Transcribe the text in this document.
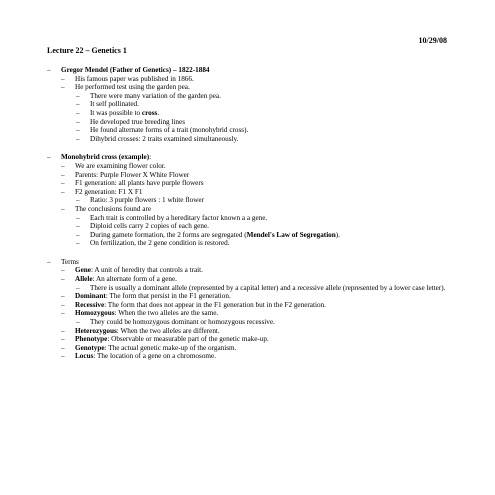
10/29/08
Lecture 22 – Genetics 1
– Gregor Mendel (Father of Genetics) – 1822-1884
– His famous paper was published in 1866.
– He performed test using the garden pea.
– There were many variation of the garden pea.
– It self pollinated.
– It was possible to cross.
– He developed true breeding lines
– He found alternate forms of a trait (monohybrid cross).
– Dihybrid crosses: 2 traits examined simultaneously.
– Monohybrid cross (example):
– We are examining flower color.
– Parents: Purple Flower X White Flower
– F1 generation: all plants have purple flowers
– F2 generation: F1 X F1
– Ratio: 3 purple flowers : 1 white flower
– The conclusions found are
– Each trait is controlled by a hereditary factor known a a gene.
– Diploid cells carry 2 copies of each gene.
– During gamete formation, the 2 forms are segregated (Mendel's Law of Segregation).
– On fertilization, the 2 gene condition is restored.
– Terms
– Gene: A unit of heredity that controls a trait.
– Allele: An alternate form of a gene.
– There is usually a dominant allele (represented by a capital letter) and a recessive allele (represented by a lower case letter).
– Dominant: The form that persist in the F1 generation.
– Recessive: The form that does not appear in the F1 generation but in the F2 generation.
– Homozygous: When the two alleles are the same.
– They could be homozygous dominant or homozygous recessive.
– Heterozygous: When the two alleles are different.
– Phenotype: Observable or measurable part of the genetic make-up.
– Genotype: The actual genetic make-up of the organism.
– Locus: The location of a gene on a chromosome.
